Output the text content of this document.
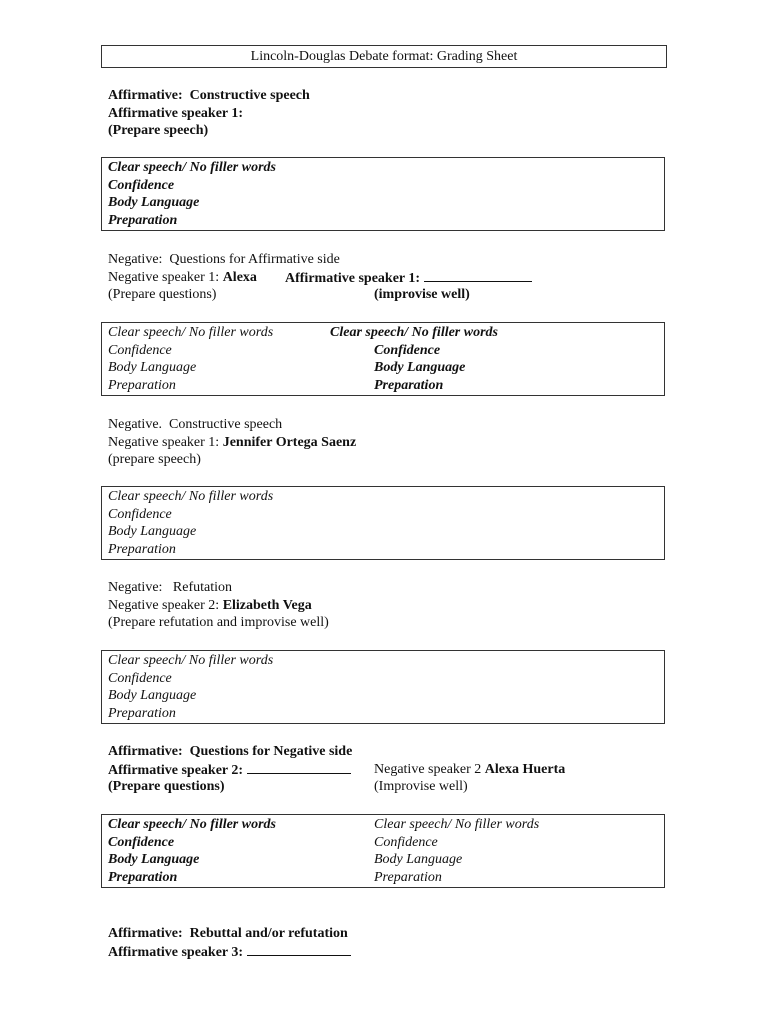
Lincoln-Douglas Debate format: Grading Sheet
Affirmative:  Constructive speech
Affirmative speaker 1:
(Prepare speech)
Clear speech/ No filler words
Confidence
Body Language
Preparation
Negative:  Questions for Affirmative side
Negative speaker 1: Alexa
(Prepare questions)
Affirmative speaker 1:
(improvise well)
Clear speech/ No filler words
Confidence
Body Language
Preparation
Clear speech/ No filler words
Confidence
Body Language
Preparation
Negative.  Constructive speech
Negative speaker 1: Jennifer Ortega Saenz
(prepare speech)
Clear speech/ No filler words
Confidence
Body Language
Preparation
Negative:   Refutation
Negative speaker 2: Elizabeth Vega
(Prepare refutation and improvise well)
Clear speech/ No filler words
Confidence
Body Language
Preparation
Affirmative:  Questions for Negative side
Affirmative speaker 2:
(Prepare questions)
Negative speaker 2 Alexa Huerta
(Improvise well)
Clear speech/ No filler words
Confidence
Body Language
Preparation
Clear speech/ No filler words
Confidence
Body Language
Preparation
Affirmative:  Rebuttal and/or refutation
Affirmative speaker 3:
